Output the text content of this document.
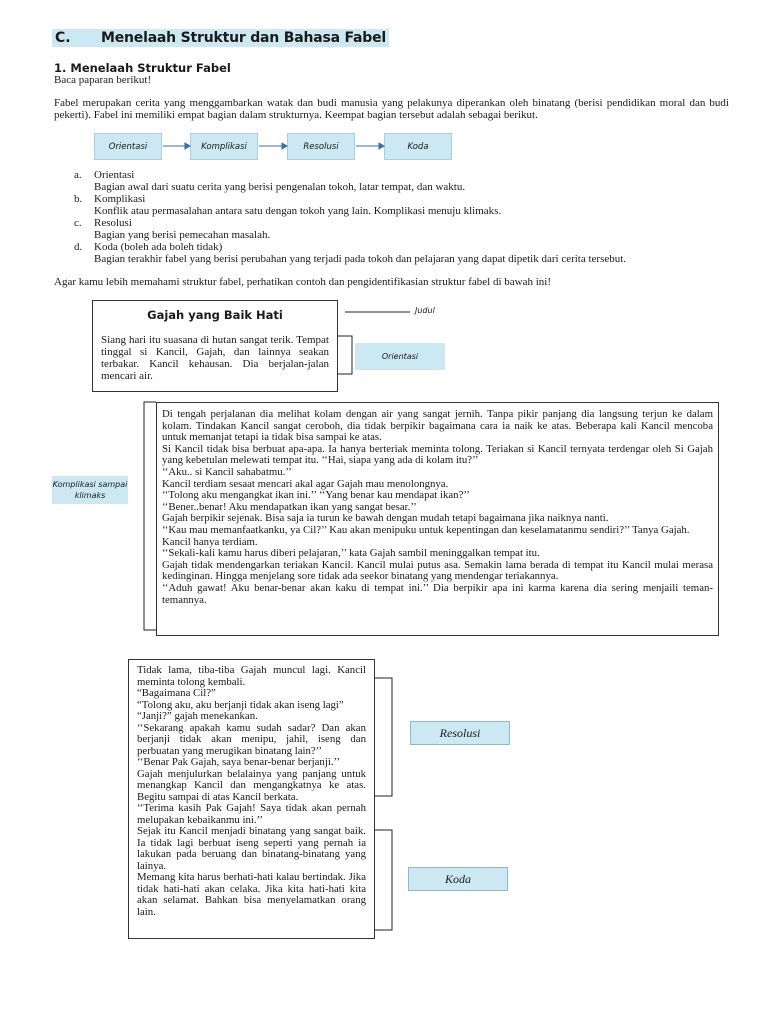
C.	Menelaah Struktur dan Bahasa Fabel
1. Menelaah Struktur Fabel
Baca paparan berikut!
Fabel merupakan cerita yang menggambarkan watak dan budi manusia yang pelakunya diperankan oleh binatang (berisi pendidikan moral dan budi pekerti). Fabel ini memiliki empat bagian dalam strukturnya. Keempat bagian tersebut adalah sebagai berikut.
Orientasi	Komplikasi	Resolusi	Koda
a. Orientasi
Bagian awal dari suatu cerita yang berisi pengenalan tokoh, latar tempat, dan waktu.
b. Komplikasi
Konflik atau permasalahan antara satu dengan tokoh yang lain. Komplikasi menuju klimaks.
c. Resolusi
Bagian yang berisi pemecahan masalah.
d. Koda (boleh ada boleh tidak)
Bagian terakhir fabel yang berisi perubahan yang terjadi pada tokoh dan pelajaran yang dapat dipetik dari cerita tersebut.
Agar kamu lebih memahami struktur fabel, perhatikan contoh dan pengidentifikasian struktur fabel di bawah ini!
Gajah yang Baik Hati
Siang hari itu suasana di hutan sangat terik. Tempat tinggal si Kancil, Gajah, dan lainnya seakan terbakar. Kancil kehausan. Dia berjalan-jalan mencari air.
Judul
Orientasi
Komplikasi sampai klimaks
Di tengah perjalanan dia melihat kolam dengan air yang sangat jernih. Tanpa pikir panjang dia langsung terjun ke dalam kolam. Tindakan Kancil sangat ceroboh, dia tidak berpikir bagaimana cara ia naik ke atas. Beberapa kali Kancil mencoba untuk memanjat tetapi ia tidak bisa sampai ke atas.
Si Kancil tidak bisa berbuat apa-apa. Ia hanya berteriak meminta tolong. Teriakan si Kancil ternyata terdengar oleh Si Gajah yang kebetulan melewati tempat itu. ‘‘Hai, siapa yang ada di kolam itu?’’
‘‘Aku.. si Kancil sahabatmu.’’
Kancil terdiam sesaat mencari akal agar Gajah mau menolongnya.
‘‘Tolong aku mengangkat ikan ini.’’ ‘‘Yang benar kau mendapat ikan?’’
‘‘Bener..benar! Aku mendapatkan ikan yang sangat besar.’’
Gajah berpikir sejenak. Bisa saja ia turun ke bawah dengan mudah tetapi bagaimana jika naiknya nanti.
‘‘Kau mau memanfaatkanku, ya Cil?’’ Kau akan menipuku untuk kepentingan dan keselamatanmu sendiri?’’ Tanya Gajah.
Kancil hanya terdiam.
‘‘Sekali-kali kamu harus diberi pelajaran,’’ kata Gajah sambil meninggalkan tempat itu.
Gajah tidak mendengarkan teriakan Kancil. Kancil mulai putus asa. Semakin lama berada di tempat itu Kancil mulai merasa kedinginan. Hingga menjelang sore tidak ada seekor binatang yang mendengar teriakannya.
‘‘Aduh gawat! Aku benar-benar akan kaku di tempat ini.’’ Dia berpikir apa ini karma karena dia sering menjaili teman-temannya.
Tidak lama, tiba-tiba Gajah muncul lagi. Kancil meminta tolong kembali.
“Bagaimana Cil?”
“Tolong aku, aku berjanji tidak akan iseng lagi”
“Janji?” gajah menekankan.
‘‘Sekarang apakah kamu sudah sadar? Dan akan berjanji tidak akan menipu, jahil, iseng dan perbuatan yang merugikan binatang lain?’’
‘‘Benar Pak Gajah, saya benar-benar berjanji.’’
Gajah menjulurkan belalainya yang panjang untuk menangkap Kancil dan mengangkatnya ke atas. Begitu sampai di atas Kancil berkata.
‘‘Terima kasih Pak Gajah! Saya tidak akan pernah melupakan kebaikanmu ini.’’
Sejak itu Kancil menjadi binatang yang sangat baik. Ia tidak lagi berbuat iseng seperti yang pernah ia lakukan pada beruang dan binatang-binatang yang lainya.
Memang kita harus berhati-hati kalau bertindak. Jika tidak hati-hati akan celaka. Jika kita hati-hati kita akan selamat. Bahkan bisa menyelamatkan orang lain.
Resolusi
Koda
